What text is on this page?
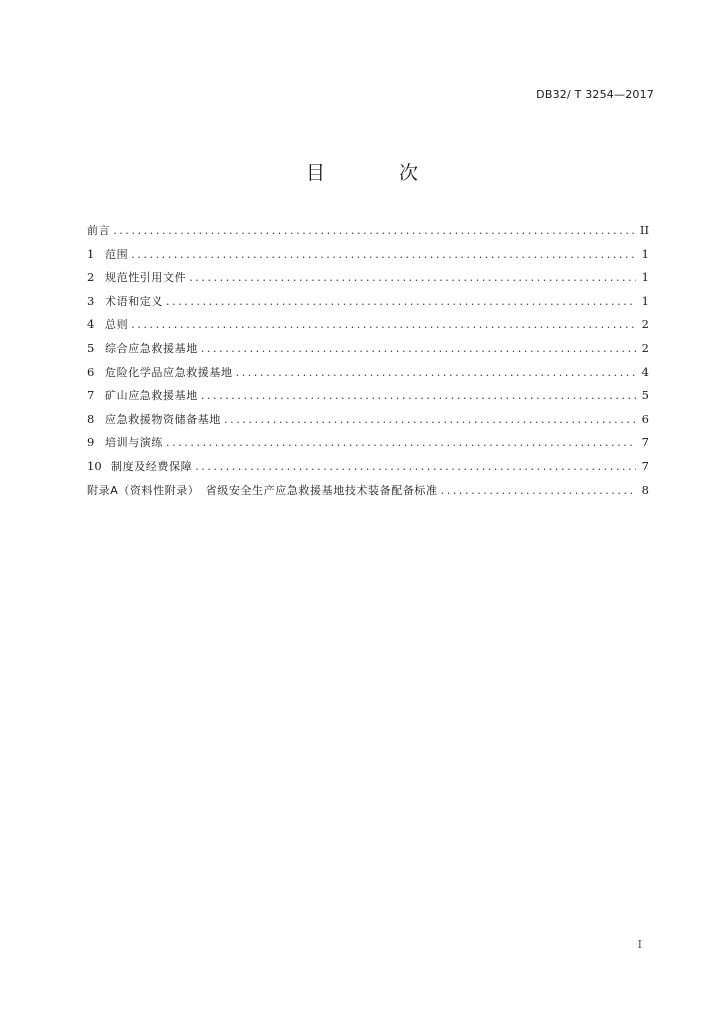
DB32/ T 3254—2017
目 次
前言 .....	II
1 范围 .....	1
2 规范性引用文件 .....	1
3 术语和定义 .....	1
4 总则 .....	2
5 综合应急救援基地 .....	2
6 危险化学品应急救援基地 .....	4
7 矿山应急救援基地 .....	5
8 应急救援物资储备基地 .....	6
9 培训与演练 .....	7
10 制度及经费保障 .....	7
附录A（资料性附录）　省级安全生产应急救援基地技术装备配备标准 .....	8
I
